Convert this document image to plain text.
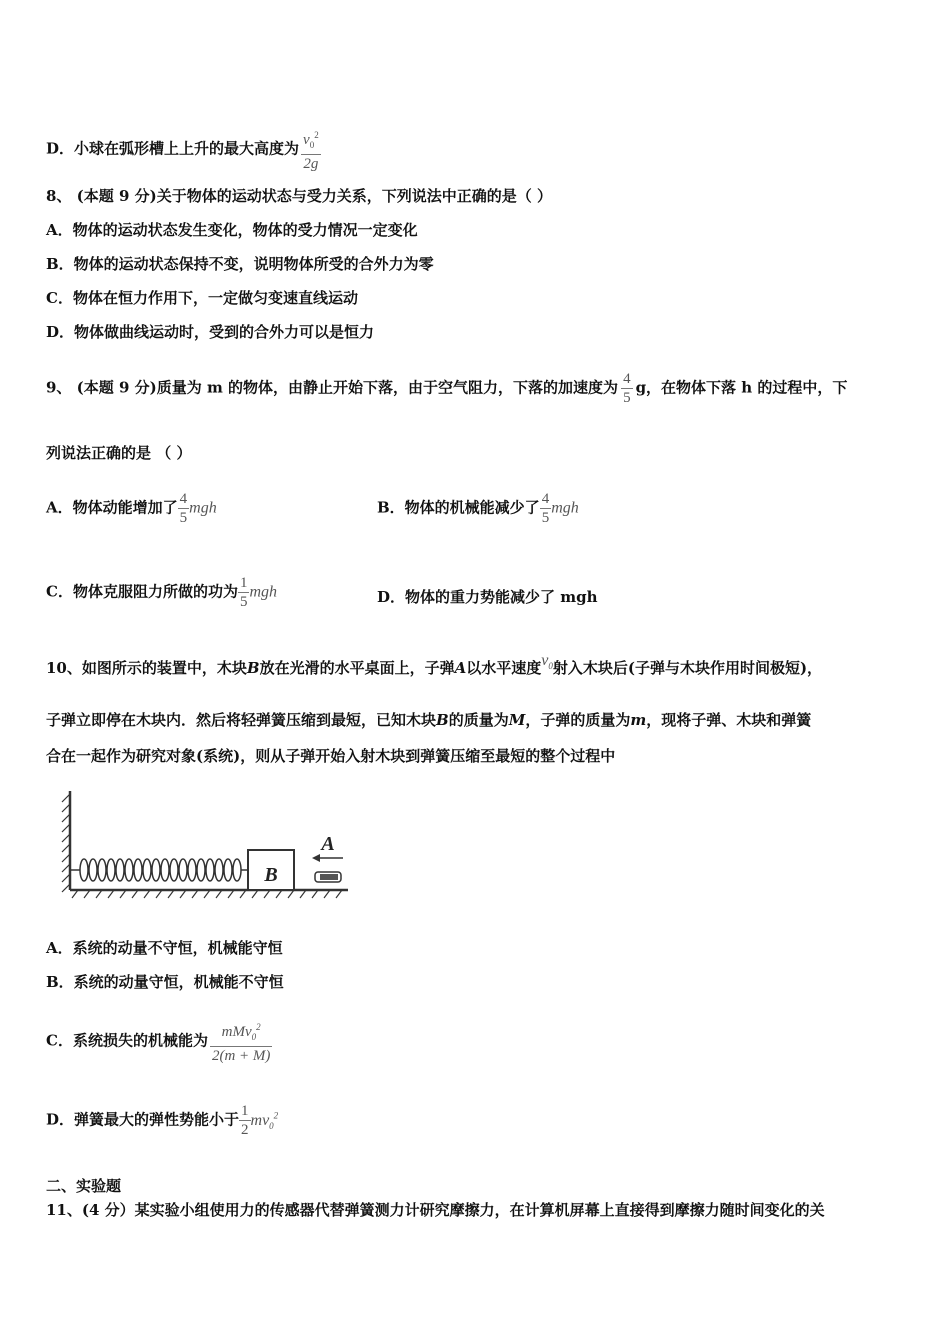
D．小球在弧形槽上上升的最大高度为 $\frac{v_0^2}{2g}$
8、 (本题 9 分)关于物体的运动状态与受力关系，下列说法中正确的是（ ）
A．物体的运动状态发生变化，物体的受力情况一定变化
B．物体的运动状态保持不变，说明物体所受的合外力为零
C．物体在恒力作用下，一定做匀变速直线运动
D．物体做曲线运动时，受到的合外力可以是恒力
9、 (本题 9 分)质量为 m 的物体，由静止开始下落，由于空气阻力，下落的加速度为 $\frac{4}{5}$ g，在物体下落 h 的过程中，下
列说法正确的是 （ ）
A．物体动能增加了 $\frac{4}{5}$ mgh	B．物体的机械能减少了 $\frac{4}{5}$ mgh
C．物体克服阻力所做的功为 $\frac{1}{5}$ mgh	D．物体的重力势能减少了 mgh
10、如图所示的装置中，木块B放在光滑的水平桌面上，子弹A以水平速度$v_0$射入木块后(子弹与木块作用时间极短)，
子弹立即停在木块内．然后将轻弹簧压缩到最短，已知木块B的质量为M，子弹的质量为m，现将子弹、木块和弹簧
合在一起作为研究对象(系统)，则从子弹开始入射木块到弹簧压缩至最短的整个过程中
B
A
A．系统的动量不守恒，机械能守恒
B．系统的动量守恒，机械能不守恒
C．系统损失的机械能为 $\frac{mMv_0^2}{2(m + M)}$
D．弹簧最大的弹性势能小于 $\frac{1}{2} mv_0^2$
二、实验题
11、(4 分）某实验小组使用力的传感器代替弹簧测力计研究摩擦力，在计算机屏幕上直接得到摩擦力随时间变化的关
